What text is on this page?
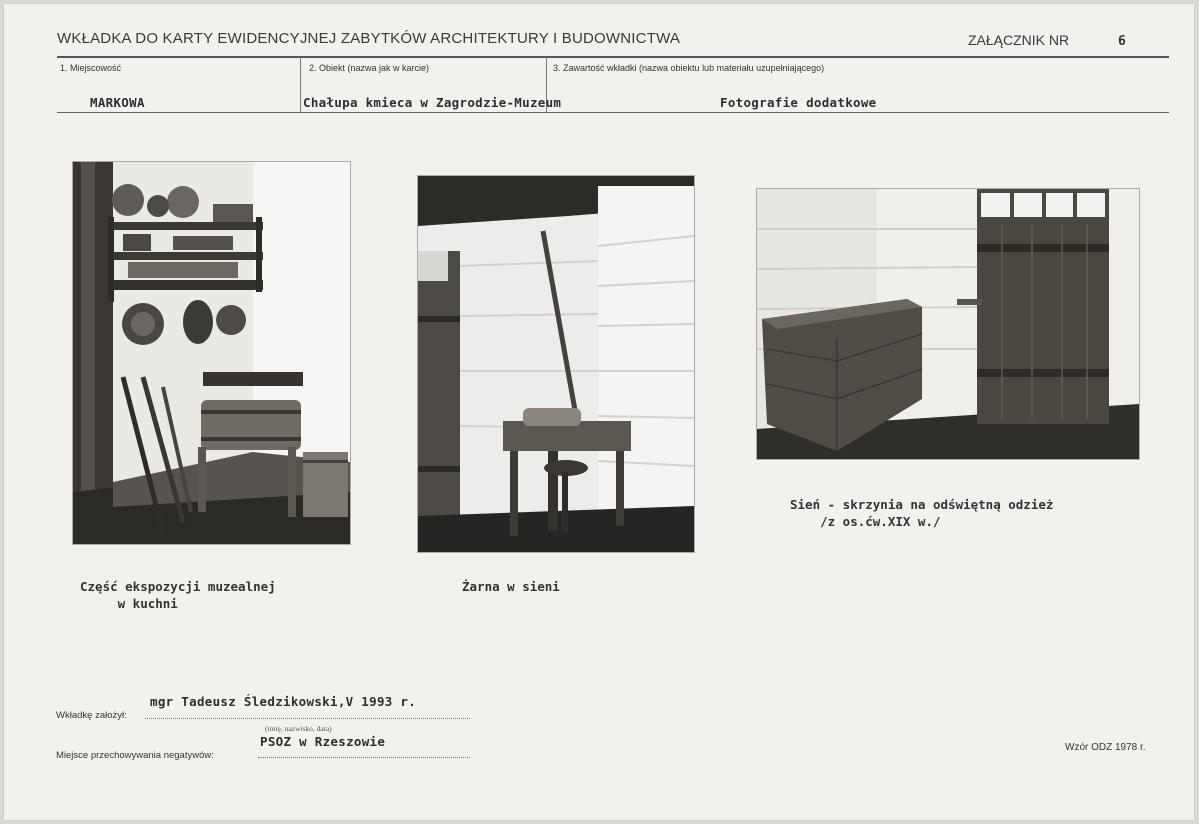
WKŁADKA DO KARTY EWIDENCYJNEJ ZABYTKÓW ARCHITEKTURY I BUDOWNICTWA	ZAŁĄCZNIK NR	6
1. Miejscowość	2. Obiekt (nazwa jak w karcie)	3. Zawartość wkładki (nazwa obiektu lub materiału uzupełniającego)
MARKOWA	Chałupa kmieca w Zagrodzie-Muzeum	Fotografie dodatkowe
Część ekspozycji muzealnej
w kuchni
Żarna w sieni
Sień - skrzynia na odświętną odzież
/z os.ćw.XIX w./
mgr Tadeusz Śledzikowski,V 1993 r.
Wkładkę założył:
(imię, nazwisko, data)
PSOZ w Rzeszowie
Miejsce przechowywania negatywów:
Wzór ODZ 1978 r.
